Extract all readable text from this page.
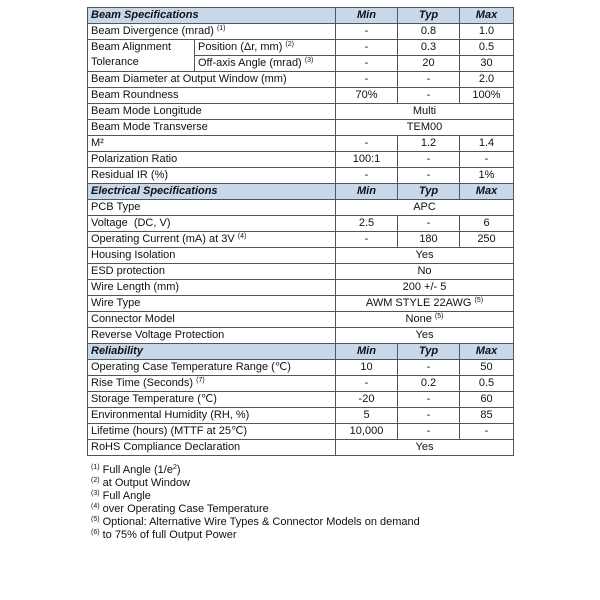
Beam Specifications		Min	Typ	Max
Beam Divergence (mrad) $^{(1)}$		-	0.8	1.0
Beam Alignment Tolerance	Position (Δr, mm) $^{(2)}$	-	0.3	0.5
	Off-axis Angle (mrad) $^{(3)}$	-	20	30
Beam Diameter at Output Window (mm)		-	-	2.0
Beam Roundness		70%	-	100%
Beam Mode Longitude		Multi		
Beam Mode Transverse		TEM00		
M²		-	1.2	1.4
Polarization Ratio		100:1	-	-
Residual IR (%)		-	-	1%
Electrical Specifications		Min	Typ	Max
PCB Type		APC		
Voltage  (DC, V)		2.5	-	6
Operating Current (mA) at 3V $^{(4)}$		-	180	250
Housing Isolation		Yes		
ESD protection		No		
Wire Length (mm)		200 +/- 5		
Wire Type		AWM STYLE 22AWG $^{(5)}$
Connector Model		None $^{(5)}$
Reverse Voltage Protection		Yes		
Reliability		Min	Typ	Max
Operating Case Temperature Range (℃)		10	-	50
Rise Time (Seconds) $^{(7)}$		-	0.2	0.5
Storage Temperature (℃)		-20	-	60
Environmental Humidity (RH, %)		5	-	85
Lifetime (hours) (MTTF at 25℃)		10,000	-	-
RoHS Compliance Declaration		Yes		
$^{(1)}$ Full Angle $(1/e^2)$
$^{(2)}$ at Output Window
$^{(3)}$ Full Angle
$^{(4)}$ over Operating Case Temperature
$^{(5)}$ Optional: Alternative Wire Types & Connector Models on demand
$^{(6)}$ to 75% of full Output Power
